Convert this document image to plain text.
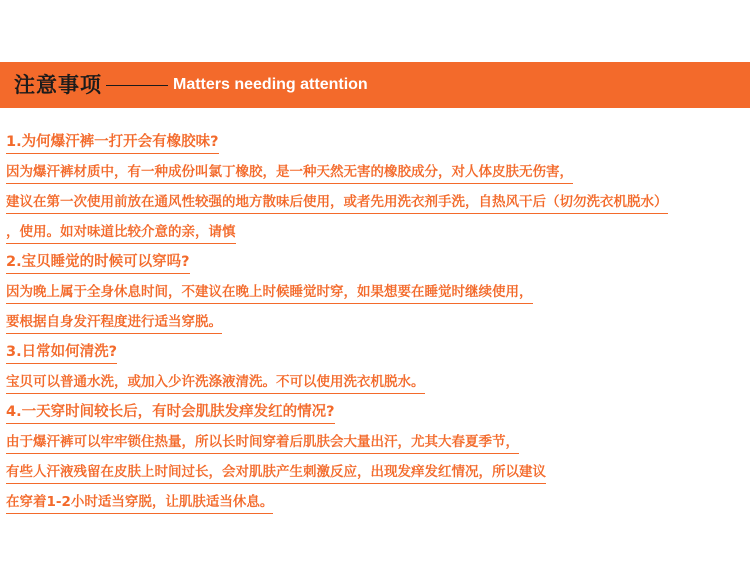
注意事项	Matters needing attention
1.为何爆汗裤一打开会有橡胶味?
因为爆汗裤材质中，有一种成份叫氯丁橡胶，是一种天然无害的橡胶成分，对人体皮肤无伤害，
建议在第一次使用前放在通风性较强的地方散味后使用，或者先用洗衣剂手洗，自热风干后（切勿洗衣机脱水）
，使用。如对味道比较介意的亲，请慎
2.宝贝睡觉的时候可以穿吗?
因为晚上属于全身休息时间，不建议在晚上时候睡觉时穿，如果想要在睡觉时继续使用，
要根据自身发汗程度进行适当穿脱。
3.日常如何清洗?
宝贝可以普通水洗，或加入少许洗涤液清洗。不可以使用洗衣机脱水。
4.一天穿时间较长后，有时会肌肤发痒发红的情况?
由于爆汗裤可以牢牢锁住热量，所以长时间穿着后肌肤会大量出汗，尤其大春夏季节，
有些人汗液残留在皮肤上时间过长，会对肌肤产生刺激反应，出现发痒发红情况，所以建议
在穿着1-2小时适当穿脱，让肌肤适当休息。
